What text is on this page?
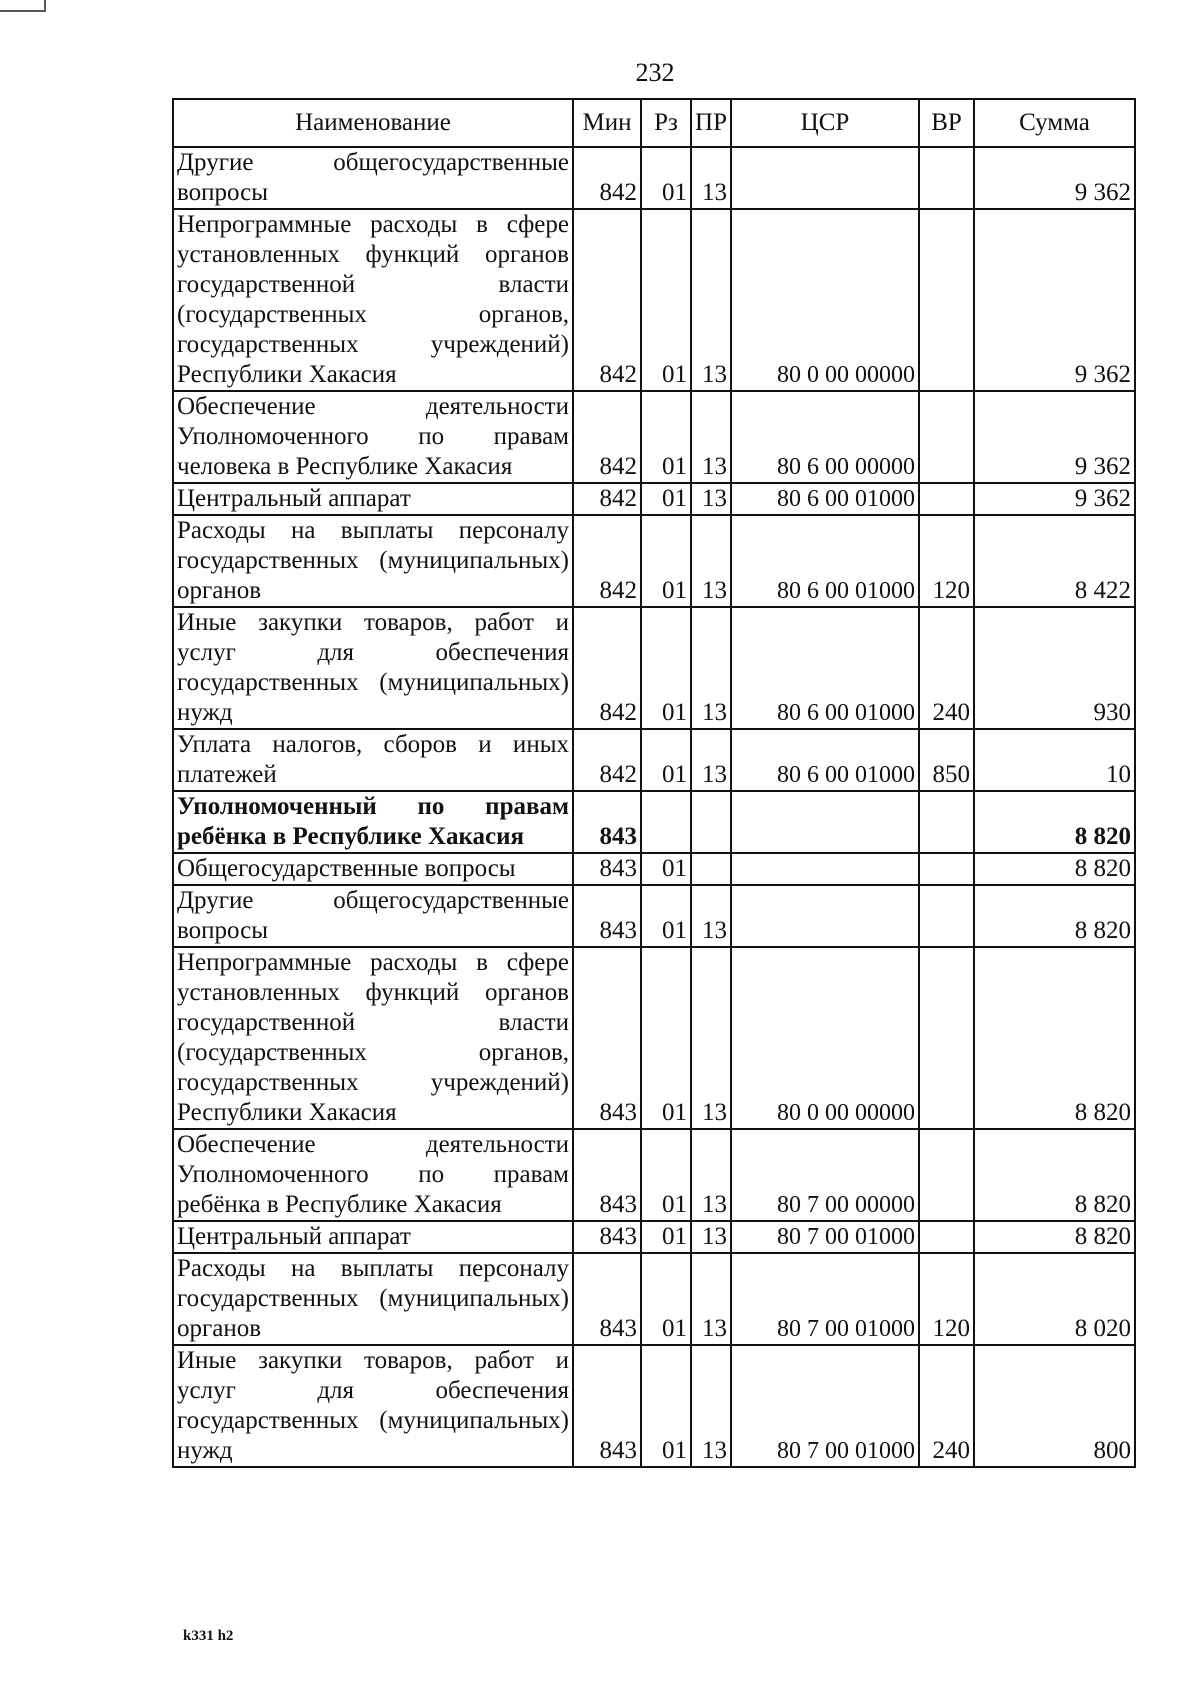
232
Наименование	Мин	Рз	ПР	ЦСР	ВР	Сумма
Другие общегосударственные вопросы	842	01	13			9 362
Непрограммные расходы в сфере установленных функций органов государственной власти (государственных органов, государственных учреждений) Республики Хакасия	842	01	13	80 0 00 00000		9 362
Обеспечение деятельности Уполномоченного по правам человека в Республике Хакасия	842	01	13	80 6 00 00000		9 362
Центральный аппарат	842	01	13	80 6 00 01000		9 362
Расходы на выплаты персоналу государственных (муниципальных) органов	842	01	13	80 6 00 01000	120	8 422
Иные закупки товаров, работ и услуг для обеспечения государственных (муниципальных) нужд	842	01	13	80 6 00 01000	240	930
Уплата налогов, сборов и иных платежей	842	01	13	80 6 00 01000	850	10
Уполномоченный по правам ребёнка в Республике Хакасия	843					8 820
Общегосударственные вопросы	843	01				8 820
Другие общегосударственные вопросы	843	01	13			8 820
Непрограммные расходы в сфере установленных функций органов государственной власти (государственных органов, государственных учреждений) Республики Хакасия	843	01	13	80 0 00 00000		8 820
Обеспечение деятельности Уполномоченного по правам ребёнка в Республике Хакасия	843	01	13	80 7 00 00000		8 820
Центральный аппарат	843	01	13	80 7 00 01000		8 820
Расходы на выплаты персоналу государственных (муниципальных) органов	843	01	13	80 7 00 01000	120	8 020
Иные закупки товаров, работ и услуг для обеспечения государственных (муниципальных) нужд	843	01	13	80 7 00 01000	240	800
k331 h2
